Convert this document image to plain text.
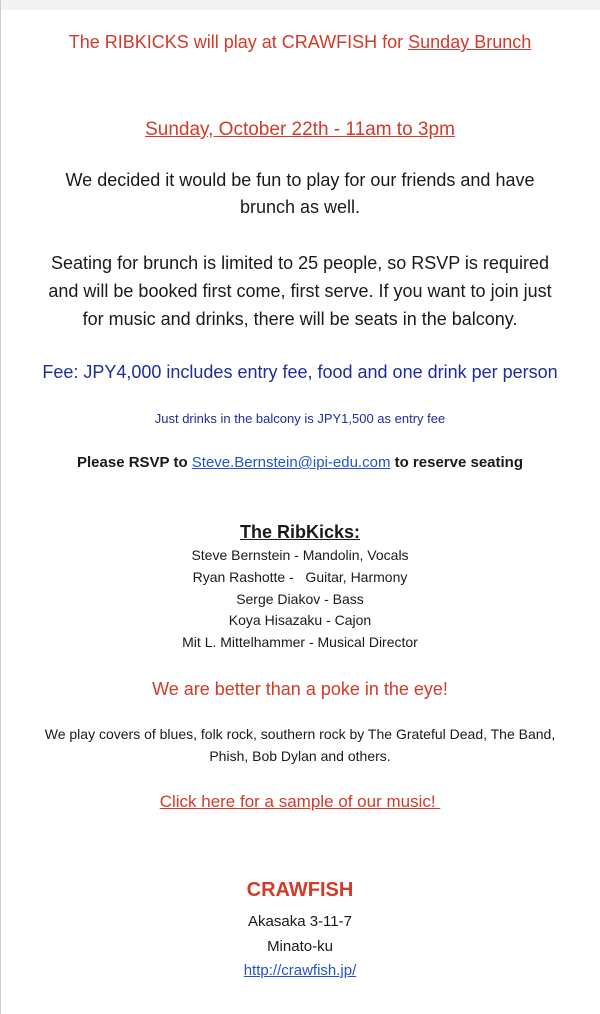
The RIBKICKS will play at CRAWFISH for Sunday Brunch
Sunday, October 22th - 11am to 3pm
We decided it would be fun to play for our friends and have
brunch as well.
Seating for brunch is limited to 25 people, so RSVP is required
and will be booked first come, first serve. If you want to join just
for music and drinks, there will be seats in the balcony.
Fee: JPY4,000 includes entry fee, food and one drink per person
Just drinks in the balcony is JPY1,500 as entry fee
Please RSVP to Steve.Bernstein@ipi-edu.com to reserve seating
The RibKicks:
Steve Bernstein - Mandolin, Vocals
Ryan Rashotte -   Guitar, Harmony
Serge Diakov - Bass
Koya Hisazaku - Cajon
Mit L. Mittelhammer - Musical Director
We are better than a poke in the eye!
We play covers of blues, folk rock, southern rock by The Grateful Dead, The Band,
Phish, Bob Dylan and others.
Click here for a sample of our music!
CRAWFISH
Akasaka 3-11-7
Minato-ku
http://crawfish.jp/
